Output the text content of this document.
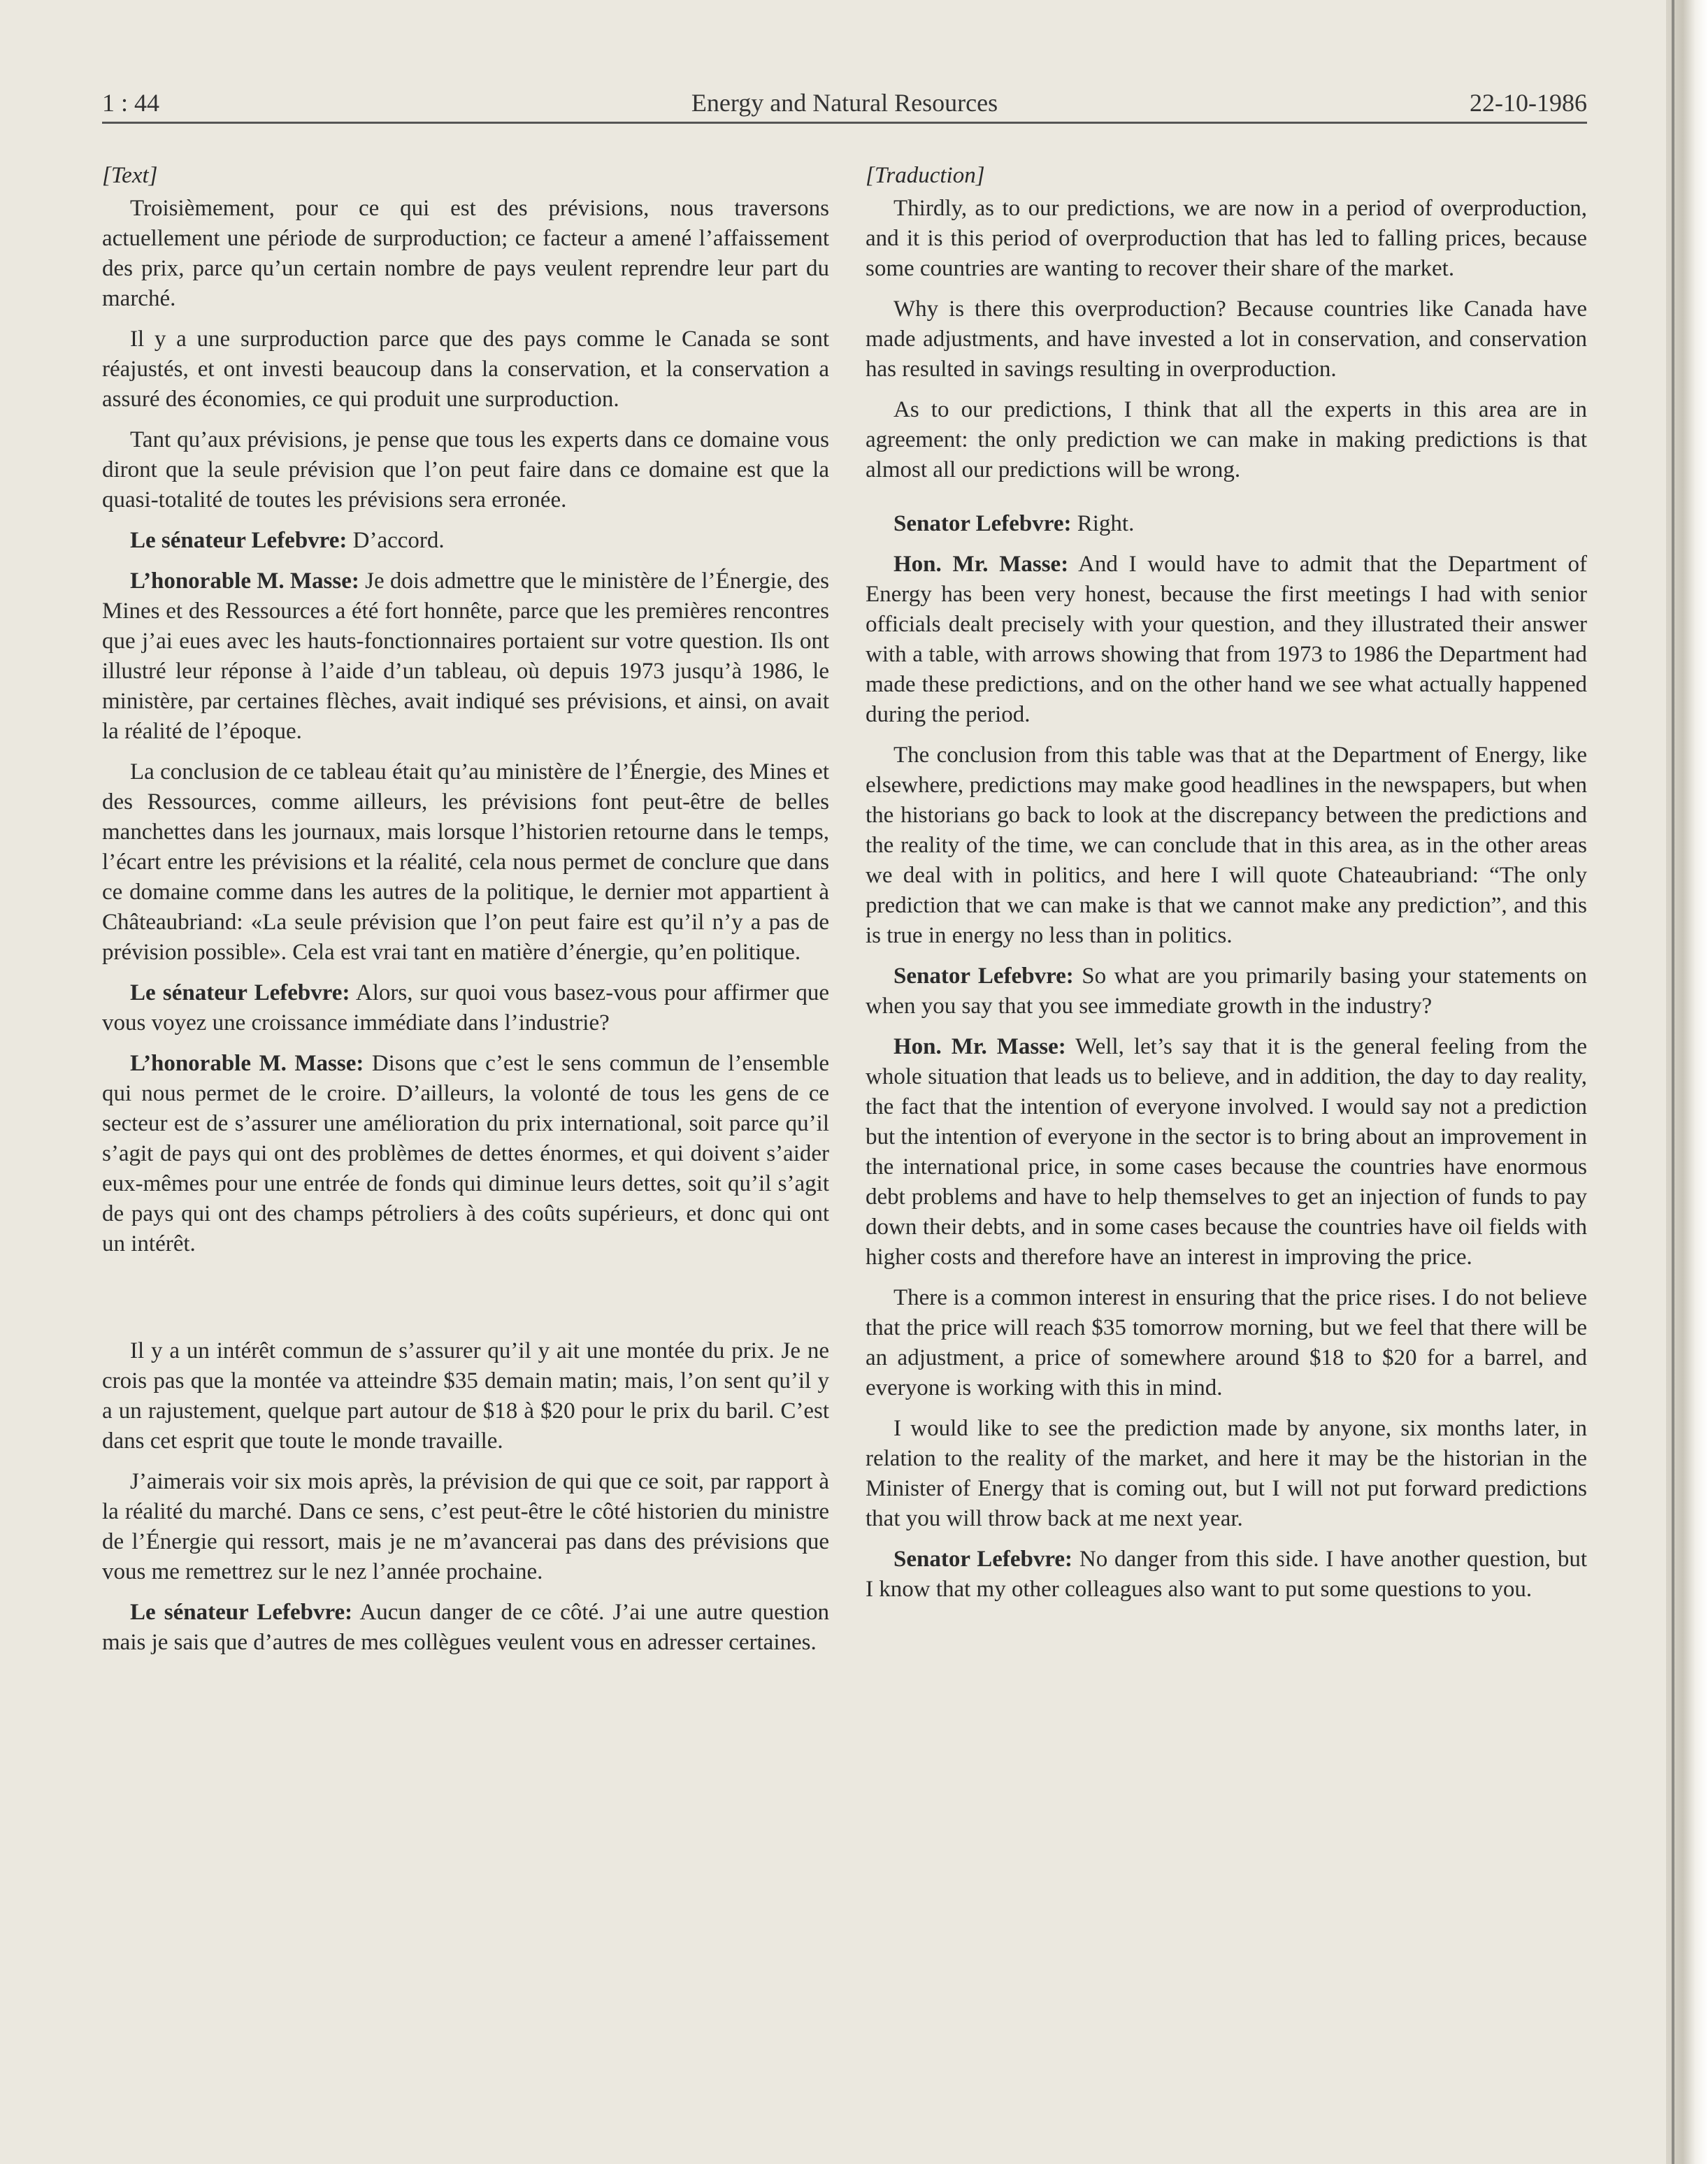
1 : 44	Energy and Natural Resources	22-10-1986

[Text]

Troisièmement, pour ce qui est des prévisions, nous traversons actuellement une période de surproduction; ce facteur a amené l’affaissement des prix, parce qu’un certain nombre de pays veulent reprendre leur part du marché.

Il y a une surproduction parce que des pays comme le Canada se sont réajustés, et ont investi beaucoup dans la conservation, et la conservation a assuré des économies, ce qui produit une surproduction.

Tant qu’aux prévisions, je pense que tous les experts dans ce domaine vous diront que la seule prévision que l’on peut faire dans ce domaine est que la quasi-totalité de toutes les prévisions sera erronée.

Le sénateur Lefebvre: D’accord.

L’honorable M. Masse: Je dois admettre que le ministère de l’Énergie, des Mines et des Ressources a été fort honnête, parce que les premières rencontres que j’ai eues avec les hauts-fonctionnaires portaient sur votre question. Ils ont illustré leur réponse à l’aide d’un tableau, où depuis 1973 jusqu’à 1986, le ministère, par certaines flèches, avait indiqué ses prévisions, et ainsi, on avait la réalité de l’époque.

La conclusion de ce tableau était qu’au ministère de l’Énergie, des Mines et des Ressources, comme ailleurs, les prévisions font peut-être de belles manchettes dans les journaux, mais lorsque l’historien retourne dans le temps, l’écart entre les prévisions et la réalité, cela nous permet de conclure que dans ce domaine comme dans les autres de la politique, le dernier mot appartient à Châteaubriand: «La seule prévision que l’on peut faire est qu’il n’y a pas de prévision possible». Cela est vrai tant en matière d’énergie, qu’en politique.

Le sénateur Lefebvre: Alors, sur quoi vous basez-vous pour affirmer que vous voyez une croissance immédiate dans l’industrie?

L’honorable M. Masse: Disons que c’est le sens commun de l’ensemble qui nous permet de le croire. D’ailleurs, la volonté de tous les gens de ce secteur est de s’assurer une amélioration du prix international, soit parce qu’il s’agit de pays qui ont des problèmes de dettes énormes, et qui doivent s’aider eux-mêmes pour une entrée de fonds qui diminue leurs dettes, soit qu’il s’agit de pays qui ont des champs pétroliers à des coûts supérieurs, et donc qui ont un intérêt.

Il y a un intérêt commun de s’assurer qu’il y ait une montée du prix. Je ne crois pas que la montée va atteindre $35 demain matin; mais, l’on sent qu’il y a un rajustement, quelque part autour de $18 à $20 pour le prix du baril. C’est dans cet esprit que toute le monde travaille.

J’aimerais voir six mois après, la prévision de qui que ce soit, par rapport à la réalité du marché. Dans ce sens, c’est peut-être le côté historien du ministre de l’Énergie qui ressort, mais je ne m’avancerai pas dans des prévisions que vous me remettrez sur le nez l’année prochaine.

Le sénateur Lefebvre: Aucun danger de ce côté. J’ai une autre question mais je sais que d’autres de mes collègues veulent vous en adresser certaines.

[Traduction]

Thirdly, as to our predictions, we are now in a period of overproduction, and it is this period of overproduction that has led to falling prices, because some countries are wanting to recover their share of the market.

Why is there this overproduction? Because countries like Canada have made adjustments, and have invested a lot in conservation, and conservation has resulted in savings resulting in overproduction.

As to our predictions, I think that all the experts in this area are in agreement: the only prediction we can make in making predictions is that almost all our predictions will be wrong.

Senator Lefebvre: Right.

Hon. Mr. Masse: And I would have to admit that the Department of Energy has been very honest, because the first meetings I had with senior officials dealt precisely with your question, and they illustrated their answer with a table, with arrows showing that from 1973 to 1986 the Department had made these predictions, and on the other hand we see what actually happened during the period.

The conclusion from this table was that at the Department of Energy, like elsewhere, predictions may make good headlines in the newspapers, but when the historians go back to look at the discrepancy between the predictions and the reality of the time, we can conclude that in this area, as in the other areas we deal with in politics, and here I will quote Chateaubriand: “The only prediction that we can make is that we cannot make any prediction”, and this is true in energy no less than in politics.

Senator Lefebvre: So what are you primarily basing your statements on when you say that you see immediate growth in the industry?

Hon. Mr. Masse: Well, let’s say that it is the general feeling from the whole situation that leads us to believe, and in addition, the day to day reality, the fact that the intention of everyone involved. I would say not a prediction but the intention of everyone in the sector is to bring about an improvement in the international price, in some cases because the countries have enormous debt problems and have to help themselves to get an injection of funds to pay down their debts, and in some cases because the countries have oil fields with higher costs and therefore have an interest in improving the price.

There is a common interest in ensuring that the price rises. I do not believe that the price will reach $35 tomorrow morning, but we feel that there will be an adjustment, a price of somewhere around $18 to $20 for a barrel, and everyone is working with this in mind.

I would like to see the prediction made by anyone, six months later, in relation to the reality of the market, and here it may be the historian in the Minister of Energy that is coming out, but I will not put forward predictions that you will throw back at me next year.

Senator Lefebvre: No danger from this side. I have another question, but I know that my other colleagues also want to put some questions to you.
